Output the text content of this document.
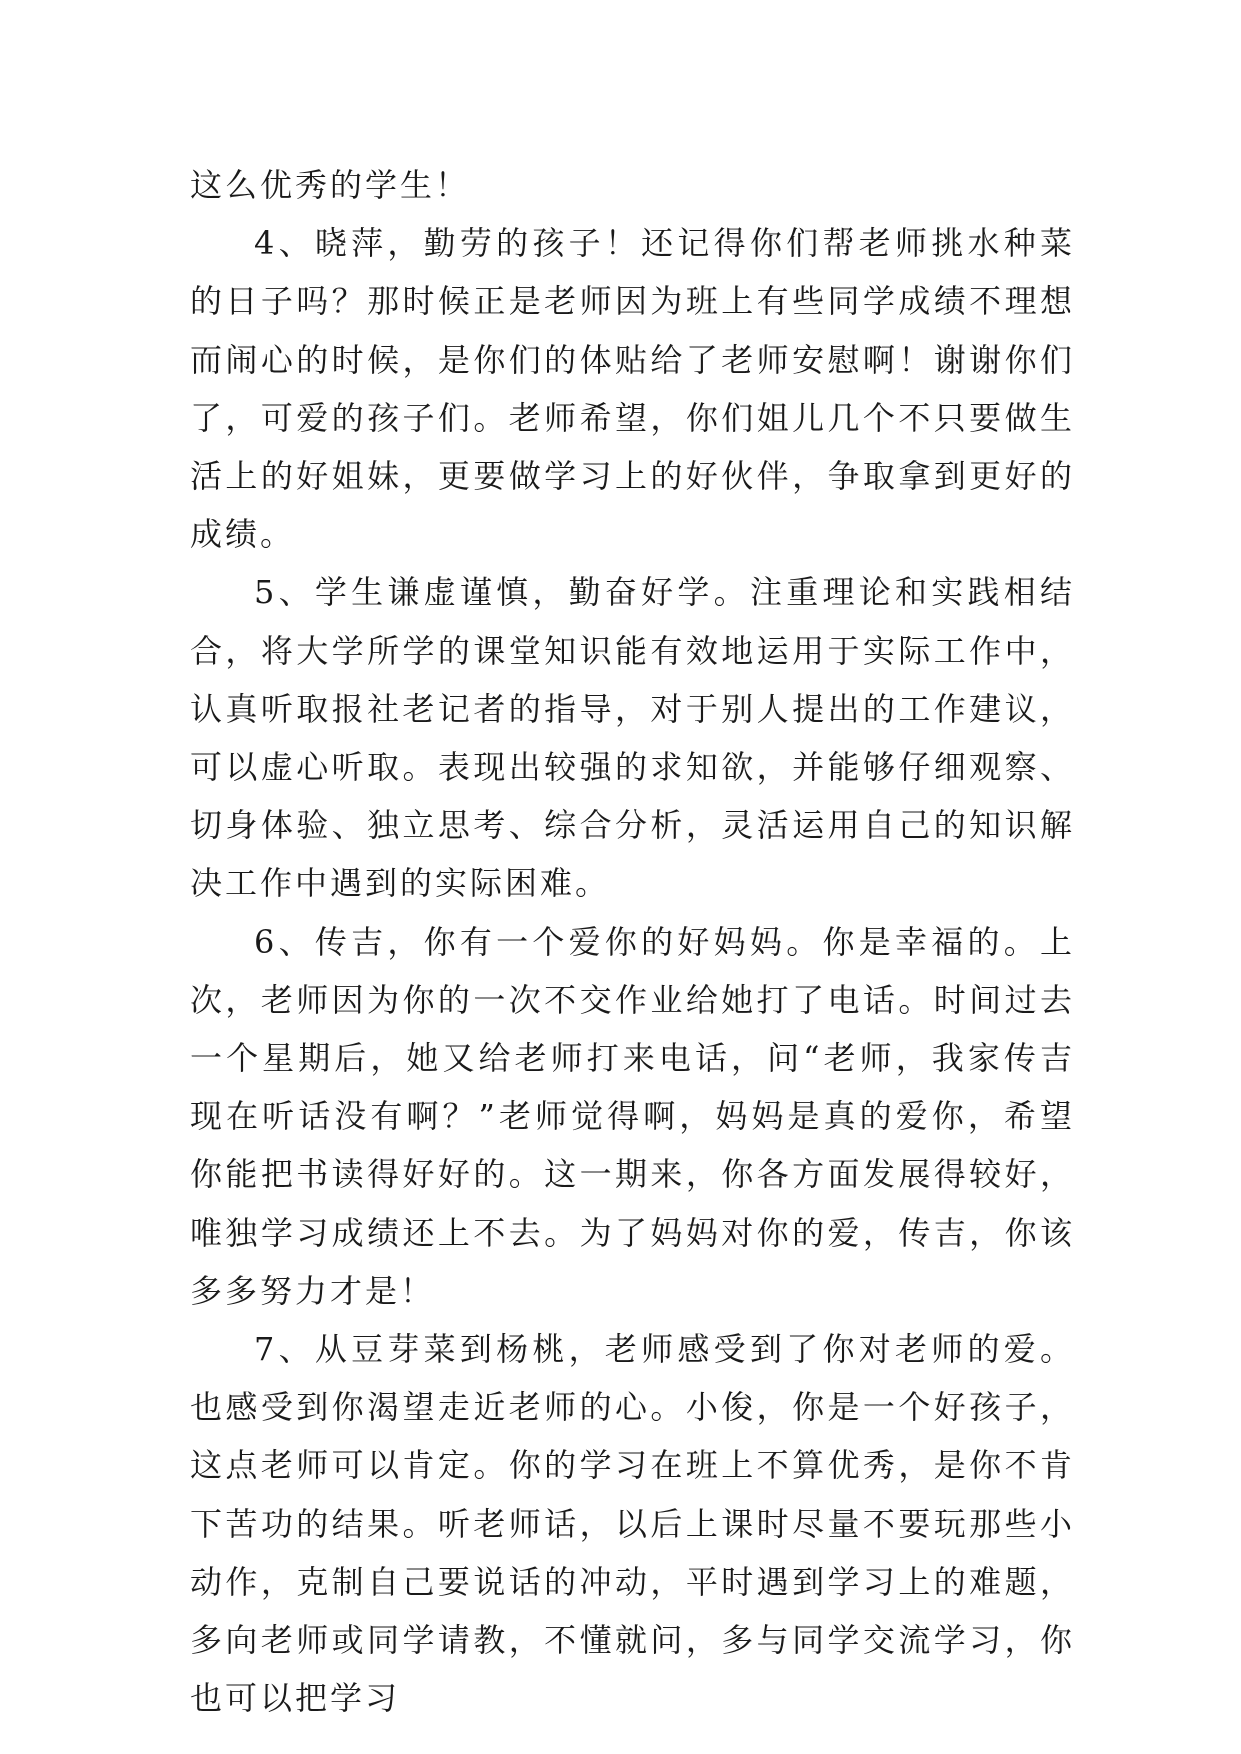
这么优秀的学生！

4、晓萍，勤劳的孩子！还记得你们帮老师挑水种菜的日子吗？那时候正是老师因为班上有些同学成绩不理想而闹心的时候，是你们的体贴给了老师安慰啊！谢谢你们了，可爱的孩子们。老师希望，你们姐儿几个不只要做生活上的好姐妹，更要做学习上的好伙伴，争取拿到更好的成绩。

5、学生谦虚谨慎，勤奋好学。注重理论和实践相结合，将大学所学的课堂知识能有效地运用于实际工作中，认真听取报社老记者的指导，对于别人提出的工作建议，可以虚心听取。表现出较强的求知欲，并能够仔细观察、切身体验、独立思考、综合分析，灵活运用自己的知识解决工作中遇到的实际困难。

6、传吉，你有一个爱你的好妈妈。你是幸福的。上次，老师因为你的一次不交作业给她打了电话。时间过去一个星期后，她又给老师打来电话，问“老师，我家传吉现在听话没有啊？”老师觉得啊，妈妈是真的爱你，希望你能把书读得好好的。这一期来，你各方面发展得较好，唯独学习成绩还上不去。为了妈妈对你的爱，传吉，你该多多努力才是！

7、从豆芽菜到杨桃，老师感受到了你对老师的爱。也感受到你渴望走近老师的心。小俊，你是一个好孩子，这点老师可以肯定。你的学习在班上不算优秀，是你不肯下苦功的结果。听老师话，以后上课时尽量不要玩那些小动作，克制自己要说话的冲动，平时遇到学习上的难题，多向老师或同学请教，不懂就问，多与同学交流学习，你也可以把学习
